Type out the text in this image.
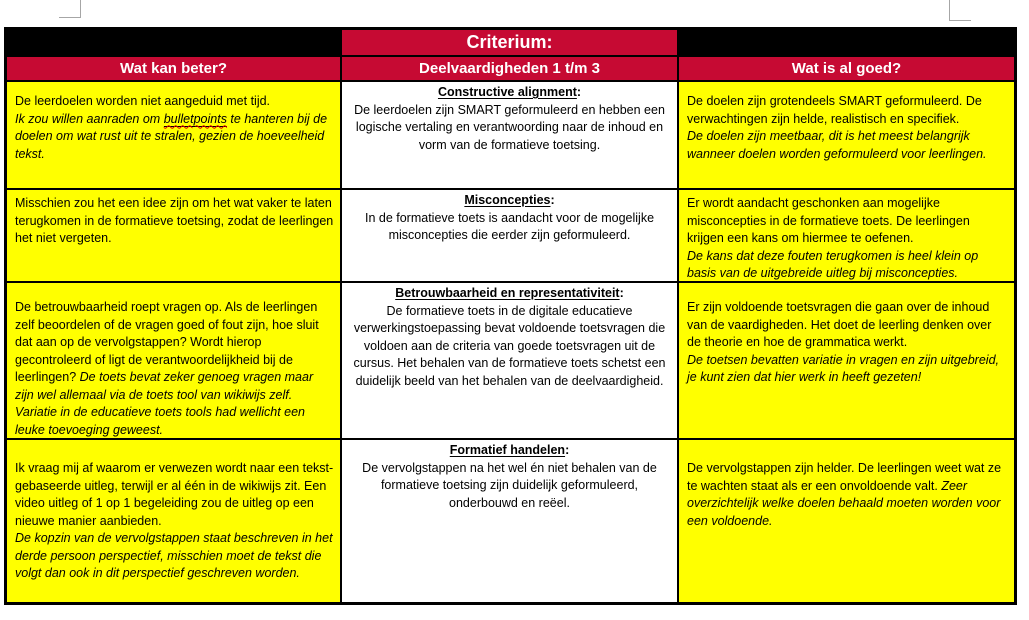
Criterium:
Wat kan beter?	Deelvaardigheden 1 t/m 3	Wat is al goed?
De leerdoelen worden niet aangeduid met tijd.
Ik zou willen aanraden om bulletpoints te hanteren bij de doelen om wat rust uit te stralen, gezien de hoeveelheid tekst.
Constructive alignment:
De leerdoelen zijn SMART geformuleerd en hebben een logische vertaling en verantwoording naar de inhoud en vorm van de formatieve toetsing.
De doelen zijn grotendeels SMART geformuleerd. De verwachtingen zijn helde, realistisch en specifiek.
De doelen zijn meetbaar, dit is het meest belangrijk wanneer doelen worden geformuleerd voor leerlingen.
Misschien zou het een idee zijn om het wat vaker te laten terugkomen in de formatieve toetsing, zodat de leerlingen het niet vergeten.
Misconcepties:
In de formatieve toets is aandacht voor de mogelijke misconcepties die eerder zijn geformuleerd.
Er wordt aandacht geschonken aan mogelijke misconcepties in de formatieve toets. De leerlingen krijgen een kans om hiermee te oefenen.
De kans dat deze fouten terugkomen is heel klein op basis van de uitgebreide uitleg bij misconcepties.
De betrouwbaarheid roept vragen op. Als de leerlingen zelf beoordelen of de vragen goed of fout zijn, hoe sluit dat aan op de vervolgstappen? Wordt hierop gecontroleerd of ligt de verantwoordelijkheid bij de leerlingen? De toets bevat zeker genoeg vragen maar zijn wel allemaal via de toets tool van wikiwijs zelf. Variatie in de educatieve toets tools had wellicht een leuke toevoeging geweest.
Betrouwbaarheid en representativiteit:
De formatieve toets in de digitale educatieve verwerkingstoepassing bevat voldoende toetsvragen die voldoen aan de criteria van goede toetsvragen uit de cursus. Het behalen van de formatieve toets schetst een duidelijk beeld van het behalen van de deelvaardigheid.
Er zijn voldoende toetsvragen die gaan over de inhoud van de vaardigheden. Het doet de leerling denken over de theorie en hoe de grammatica werkt.
De toetsen bevatten variatie in vragen en zijn uitgebreid, je kunt zien dat hier werk in heeft gezeten!
Ik vraag mij af waarom er verwezen wordt naar een tekst-gebaseerde uitleg, terwijl er al één in de wikiwijs zit. Een video uitleg of 1 op 1 begeleiding zou de uitleg op een nieuwe manier aanbieden.
De kopzin van de vervolgstappen staat beschreven in het derde persoon perspectief, misschien moet de tekst die volgt dan ook in dit perspectief geschreven worden.
Formatief handelen:
De vervolgstappen na het wel én niet behalen van de formatieve toetsing zijn duidelijk geformuleerd, onderbouwd en reëel.
De vervolgstappen zijn helder. De leerlingen weet wat ze te wachten staat als er een onvoldoende valt. Zeer overzichtelijk welke doelen behaald moeten worden voor een voldoende.
